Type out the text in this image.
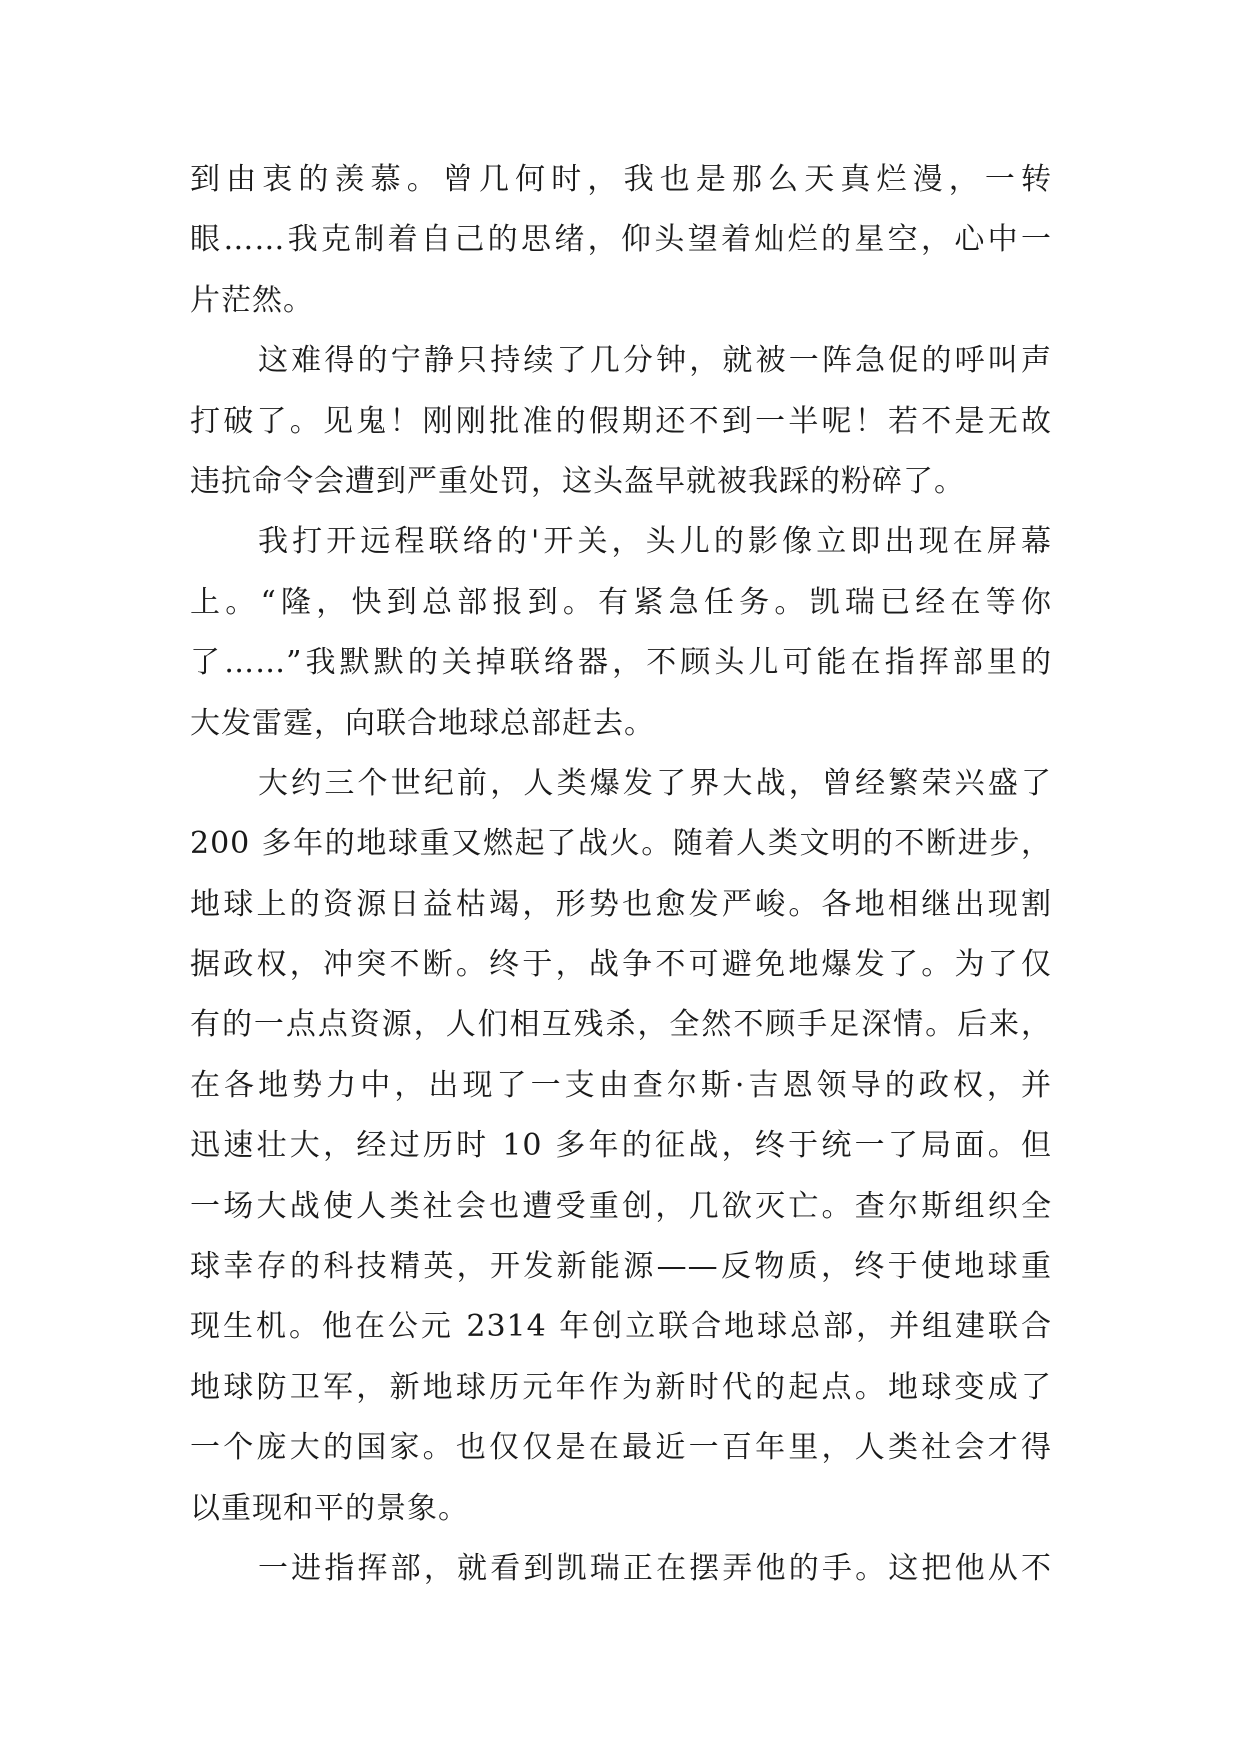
到由衷的羡慕。曾几何时，我也是那么天真烂漫，一转
眼……我克制着自己的思绪，仰头望着灿烂的星空，心中一
片茫然。
这难得的宁静只持续了几分钟，就被一阵急促的呼叫声
打破了。见鬼！刚刚批准的假期还不到一半呢！若不是无故
违抗命令会遭到严重处罚，这头盔早就被我踩的粉碎了。
我打开远程联络的'开关，头儿的影像立即出现在屏幕
上。“隆，快到总部报到。有紧急任务。凯瑞已经在等你
了……”我默默的关掉联络器，不顾头儿可能在指挥部里的
大发雷霆，向联合地球总部赶去。
大约三个世纪前，人类爆发了界大战，曾经繁荣兴盛了
200 多年的地球重又燃起了战火。随着人类文明的不断进步，
地球上的资源日益枯竭，形势也愈发严峻。各地相继出现割
据政权，冲突不断。终于，战争不可避免地爆发了。为了仅
有的一点点资源，人们相互残杀，全然不顾手足深情。后来，
在各地势力中，出现了一支由查尔斯·吉恩领导的政权，并
迅速壮大，经过历时 10 多年的征战，终于统一了局面。但
一场大战使人类社会也遭受重创，几欲灭亡。查尔斯组织全
球幸存的科技精英，开发新能源——反物质，终于使地球重
现生机。他在公元 2314 年创立联合地球总部，并组建联合
地球防卫军，新地球历元年作为新时代的起点。地球变成了
一个庞大的国家。也仅仅是在最近一百年里，人类社会才得
以重现和平的景象。
一进指挥部，就看到凯瑞正在摆弄他的手。这把他从不
